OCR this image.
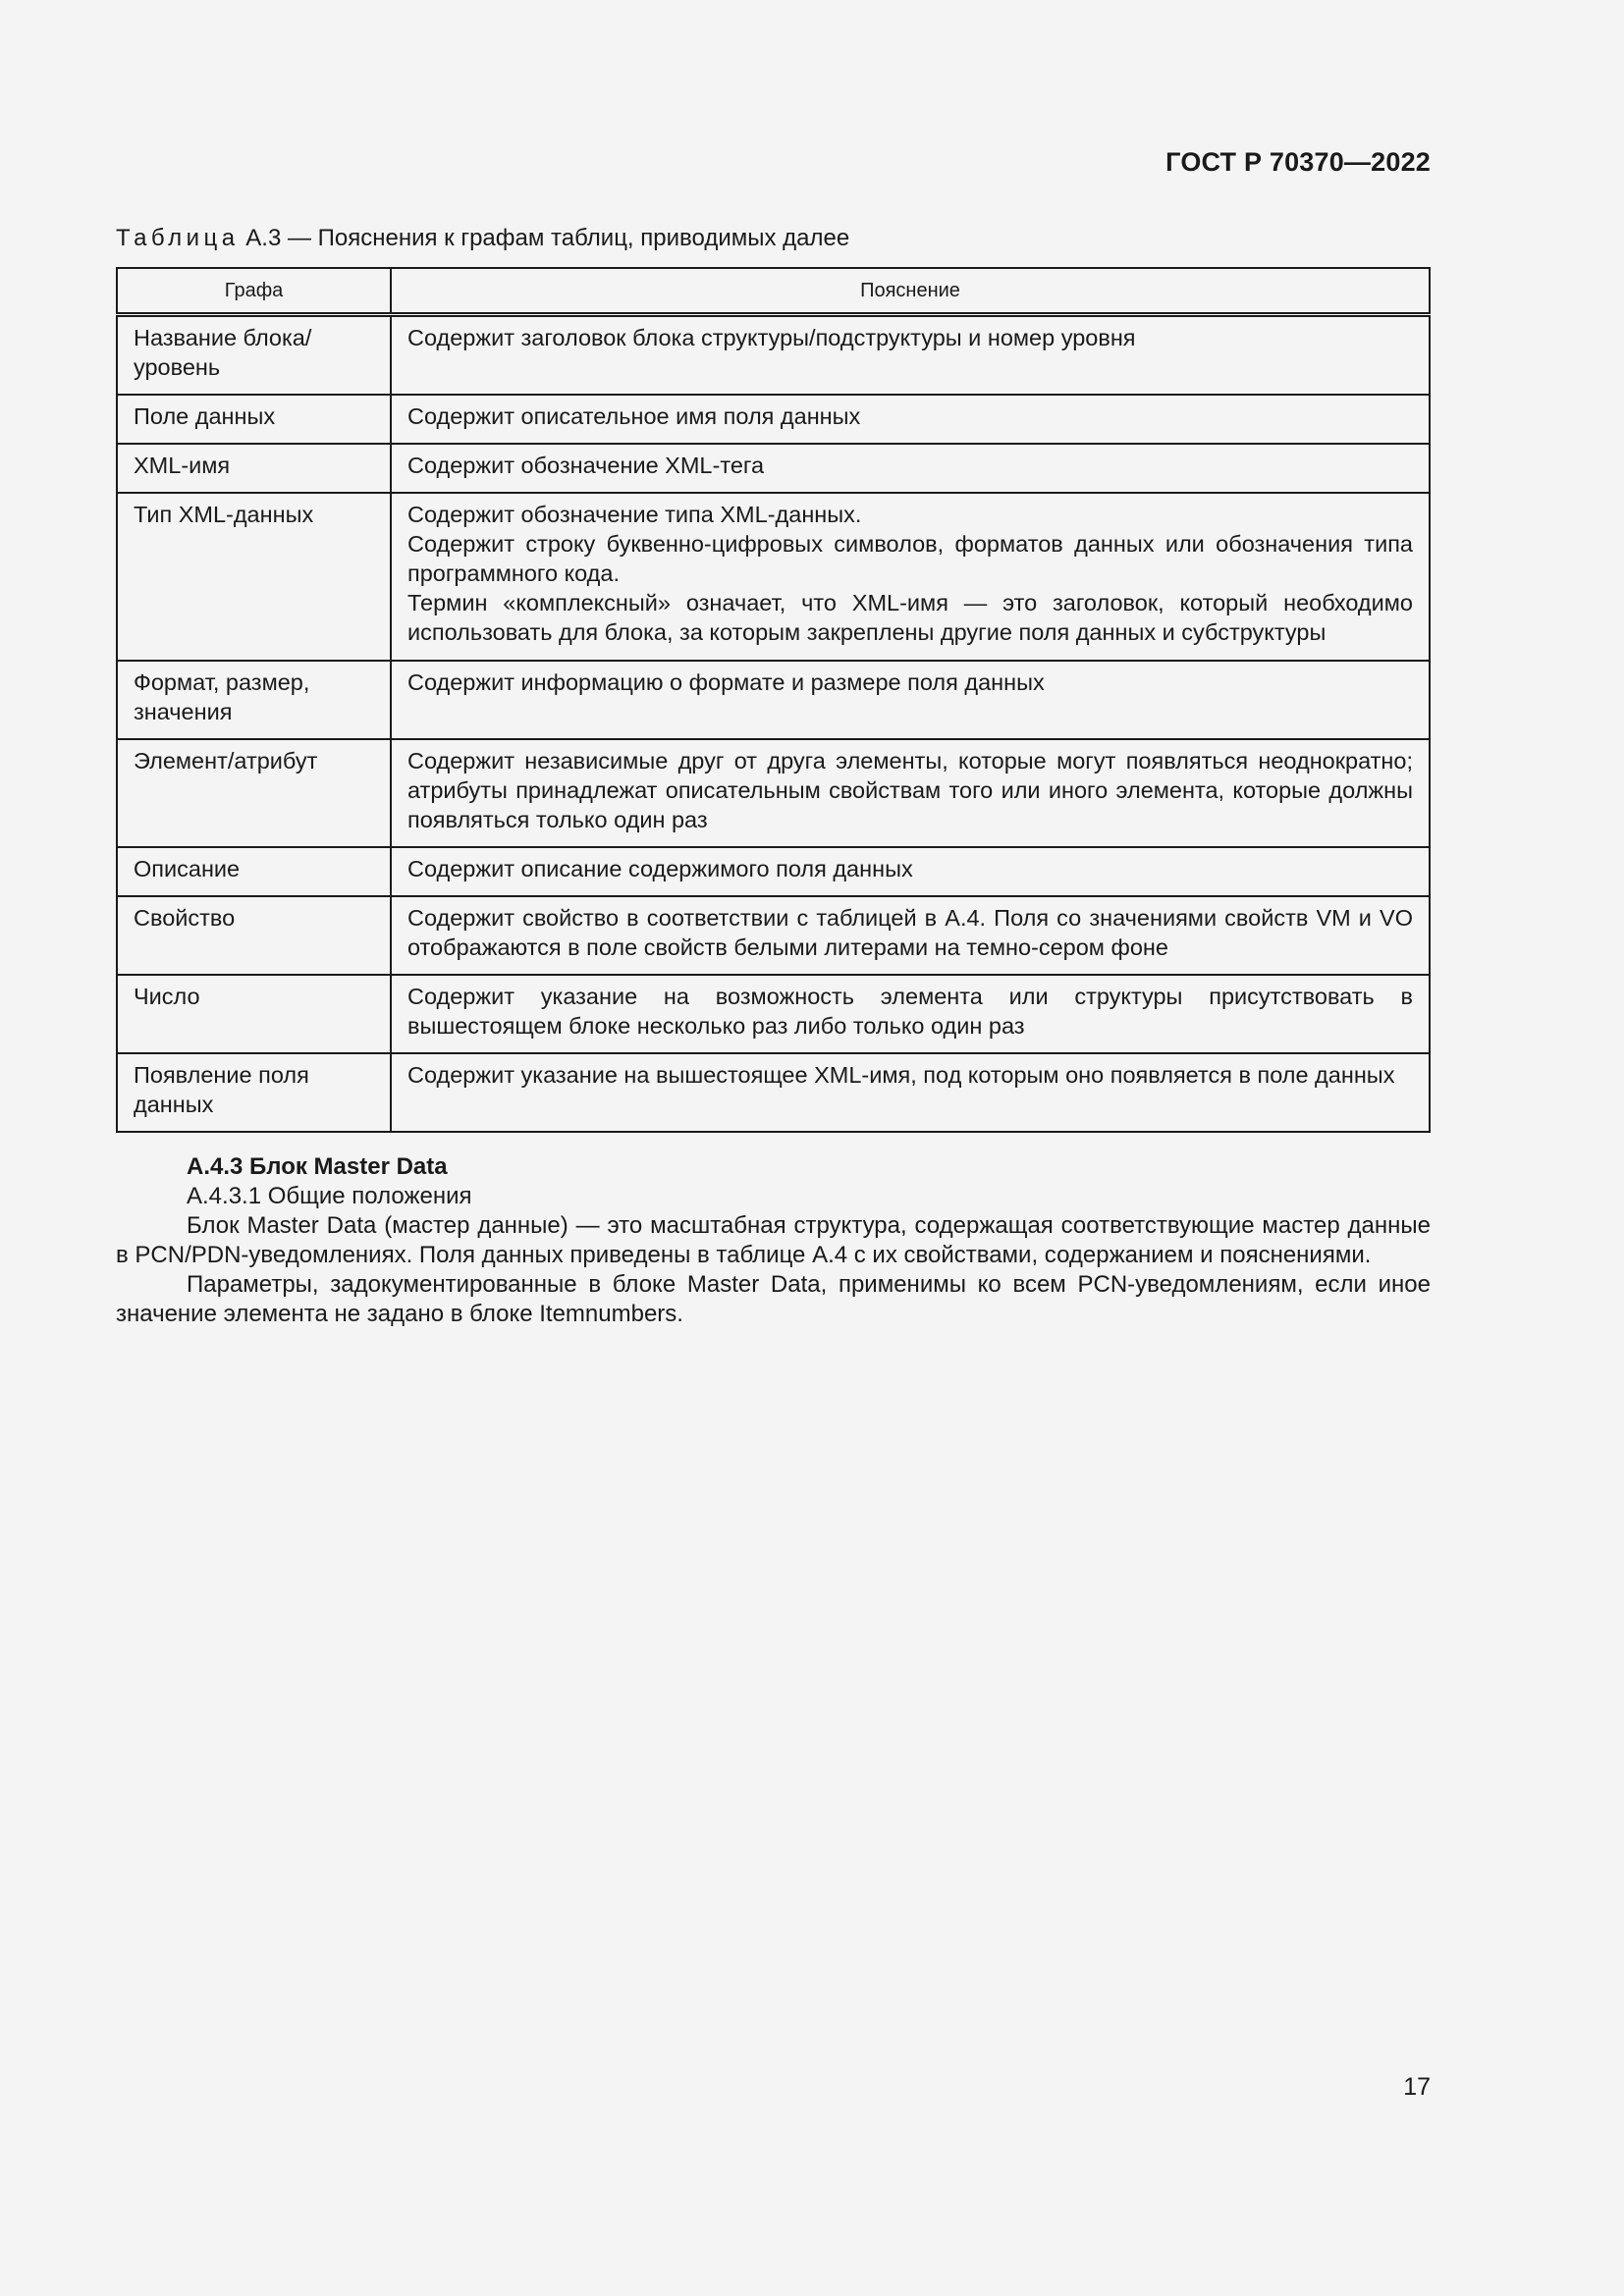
ГОСТ Р 70370—2022
Таблица А.3 — Пояснения к графам таблиц, приводимых далее
Графа	Пояснение
Название блока/ уровень	Содержит заголовок блока структуры/подструктуры и номер уровня

Поле данных	Содержит описательное имя поля данных

XML-имя	Содержит обозначение XML-тега

Тип XML-данных	Содержит обозначение типа XML-данных.
Содержит строку буквенно-цифровых символов, форматов данных или обозначения типа программного кода.
Термин «комплексный» означает, что XML-имя — это заголовок, который необходимо использовать для блока, за которым закреплены другие поля данных и субструктуры

Формат, размер, значения	Содержит информацию о формате и размере поля данных

Элемент/атрибут	Содержит независимые друг от друга элементы, которые могут появляться неоднократно; атрибуты принадлежат описательным свойствам того или иного элемента, которые должны появляться только один раз

Описание	Содержит описание содержимого поля данных

Свойство	Содержит свойство в соответствии с таблицей в А.4. Поля со значениями свойств VM и VO отображаются в поле свойств белыми литерами на темно-сером фоне

Число	Содержит указание на возможность элемента или структуры присутствовать в вышестоящем блоке несколько раз либо только один раз

Появление поля данных	Содержит указание на вышестоящее XML-имя, под которым оно появляется в поле данных

А.4.3 Блок Master Data

А.4.3.1 Общие положения

Блок Master Data (мастер данные) — это масштабная структура, содержащая соответствующие мастер данные в PCN/PDN-уведомлениях. Поля данных приведены в таблице А.4 с их свойствами, содержанием и пояснениями.

Параметры, задокументированные в блоке Master Data, применимы ко всем PCN-уведомлениям, если иное значение элемента не задано в блоке Itemnumbers.

17
